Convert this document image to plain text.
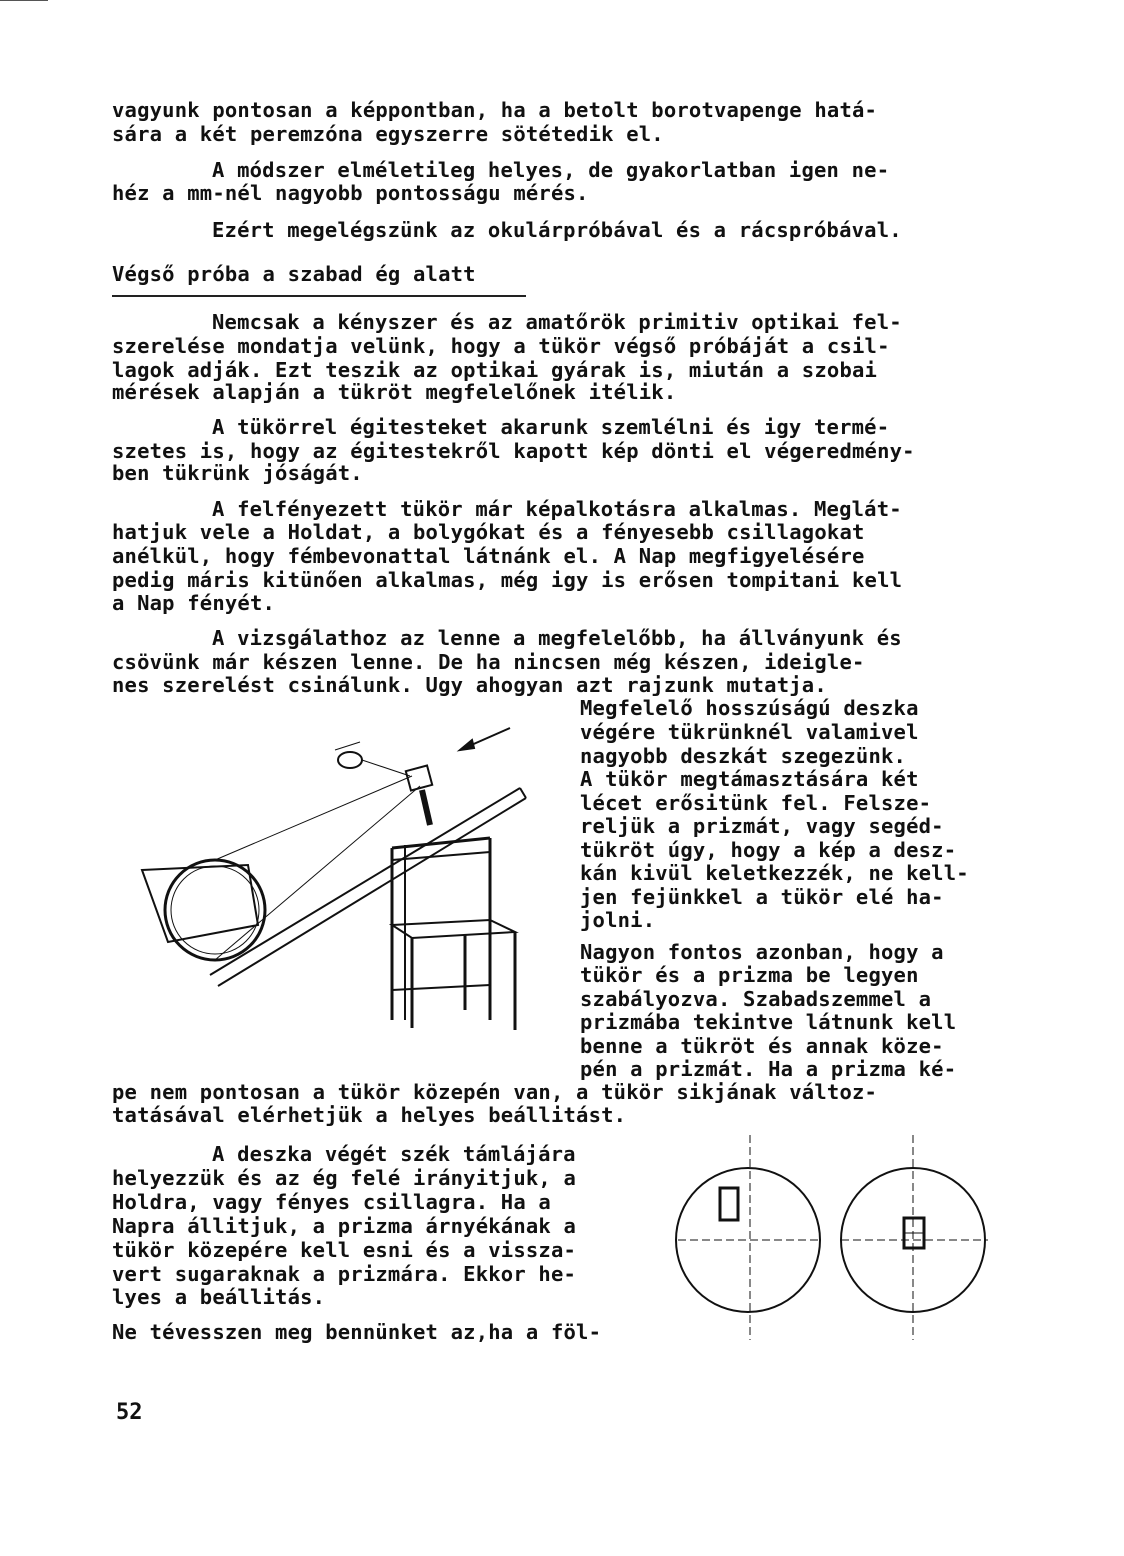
vagyunk pontosan a képpontban, ha a betolt borotvapenge hatá-
sára a két peremzóna egyszerre sötétedik el.
A módszer elméletileg helyes, de gyakorlatban igen ne-
héz a mm-nél nagyobb pontosságu mérés.
Ezért megelégszünk az okulárpróbával és a rácspróbával.
Végső próba a szabad ég alatt
Nemcsak a kényszer és az amatőrök primitiv optikai fel-
szerelése mondatja velünk, hogy a tükör végső próbáját a csil-
lagok adják. Ezt teszik az optikai gyárak is, miután a szobai
mérések alapján a tükröt megfelelőnek itélik.
A tükörrel égitesteket akarunk szemlélni és igy termé-
szetes is, hogy az égitestekről kapott kép dönti el végeredmény-
ben tükrünk jóságát.
A felfényezett tükör már képalkotásra alkalmas. Meglát-
hatjuk vele a Holdat, a bolygókat és a fényesebb csillagokat
anélkül, hogy fémbevonattal látnánk el. A Nap megfigyelésére
pedig máris kitünően alkalmas, még igy is erősen tompitani kell
a Nap fényét.
A vizsgálathoz az lenne a megfelelőbb, ha állványunk és
csövünk már készen lenne. De ha nincsen még készen, ideigle-
nes szerelést csinálunk. Ugy ahogyan azt rajzunk mutatja.
Megfelelő hosszúságú deszka
végére tükrünknél valamivel
nagyobb deszkát szegezünk.
A tükör megtámasztására két
lécet erősitünk fel. Felsze-
reljük a prizmát, vagy segéd-
tükröt úgy, hogy a kép a desz-
kán kivül keletkezzék, ne kell-
jen fejünkkel a tükör elé ha-
jolni.
Nagyon fontos azonban, hogy a
tükör és a prizma be legyen
szabályozva. Szabadszemmel a
prizmába tekintve látnunk kell
benne a tükröt és annak köze-
pén a prizmát. Ha a prizma ké-
pe nem pontosan a tükör közepén van, a tükör sikjának változ-
tatásával elérhetjük a helyes beállitást.
A deszka végét szék támlájára
helyezzük és az ég felé irányitjuk, a
Holdra, vagy fényes csillagra. Ha a
Napra állitjuk, a prizma árnyékának a
tükör közepére kell esni és a vissza-
vert sugaraknak a prizmára. Ekkor he-
lyes a beállitás.
Ne tévesszen meg bennünket az,ha a föl-
52
